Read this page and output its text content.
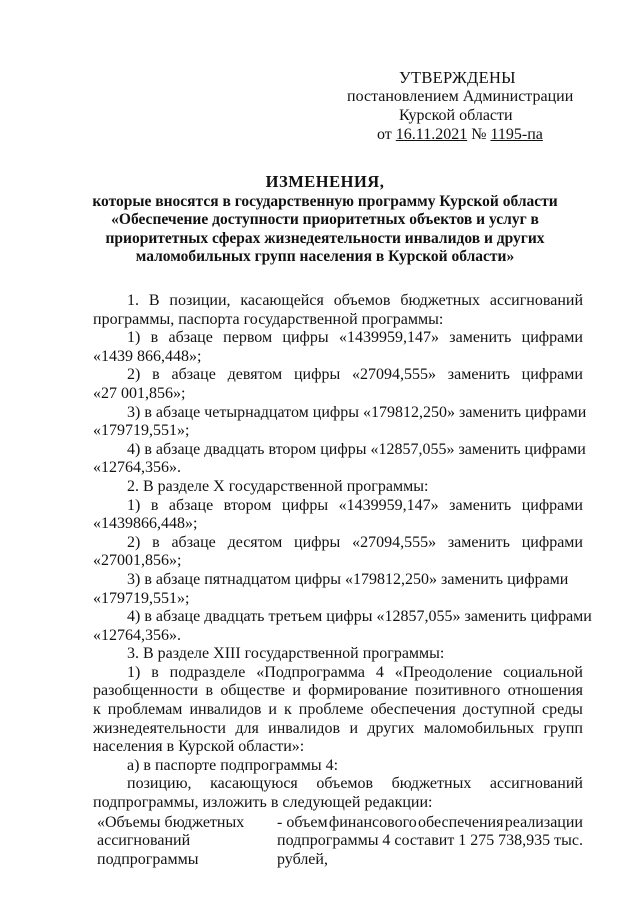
УТВЕРЖДЕНЫ
постановлением Администрации
Курской области
от 16.11.2021 № 1195-па
ИЗМЕНЕНИЯ,
которые вносятся в государственную программу Курской области
«Обеспечение доступности приоритетных объектов и услуг в
приоритетных сферах жизнедеятельности инвалидов и других
маломобильных групп населения в Курской области»
1. В позиции, касающейся объемов бюджетных ассигнований
программы, паспорта государственной программы:
1) в абзаце первом цифры «1439959,147» заменить цифрами
«1439 866,448»;
2) в абзаце девятом цифры «27094,555» заменить цифрами
«27 001,856»;
3) в абзаце четырнадцатом цифры «179812,250» заменить цифрами
«179719,551»;
4) в абзаце двадцать втором цифры «12857,055» заменить цифрами
«12764,356».
2. В разделе Х государственной программы:
1) в абзаце втором цифры «1439959,147» заменить цифрами
«1439866,448»;
2) в абзаце десятом цифры «27094,555» заменить цифрами
«27001,856»;
3) в абзаце пятнадцатом цифры «179812,250» заменить цифрами
«179719,551»;
4) в абзаце двадцать третьем цифры «12857,055» заменить цифрами
«12764,356».
3. В разделе XIII государственной программы:
1) в подразделе «Подпрограмма 4 «Преодоление социальной
разобщенности в обществе и формирование позитивного отношения
к проблемам инвалидов и к проблеме обеспечения доступной среды
жизнедеятельности для инвалидов и других маломобильных групп
населения в Курской области»:
а) в паспорте подпрограммы 4:
позицию, касающуюся объемов бюджетных ассигнований
подпрограммы, изложить в следующей редакции:
«Объемы бюджетных
ассигнований
подпрограммы
- объем финансового обеспечения реализации
подпрограммы 4 составит 1 275 738,935 тыс.
рублей,
